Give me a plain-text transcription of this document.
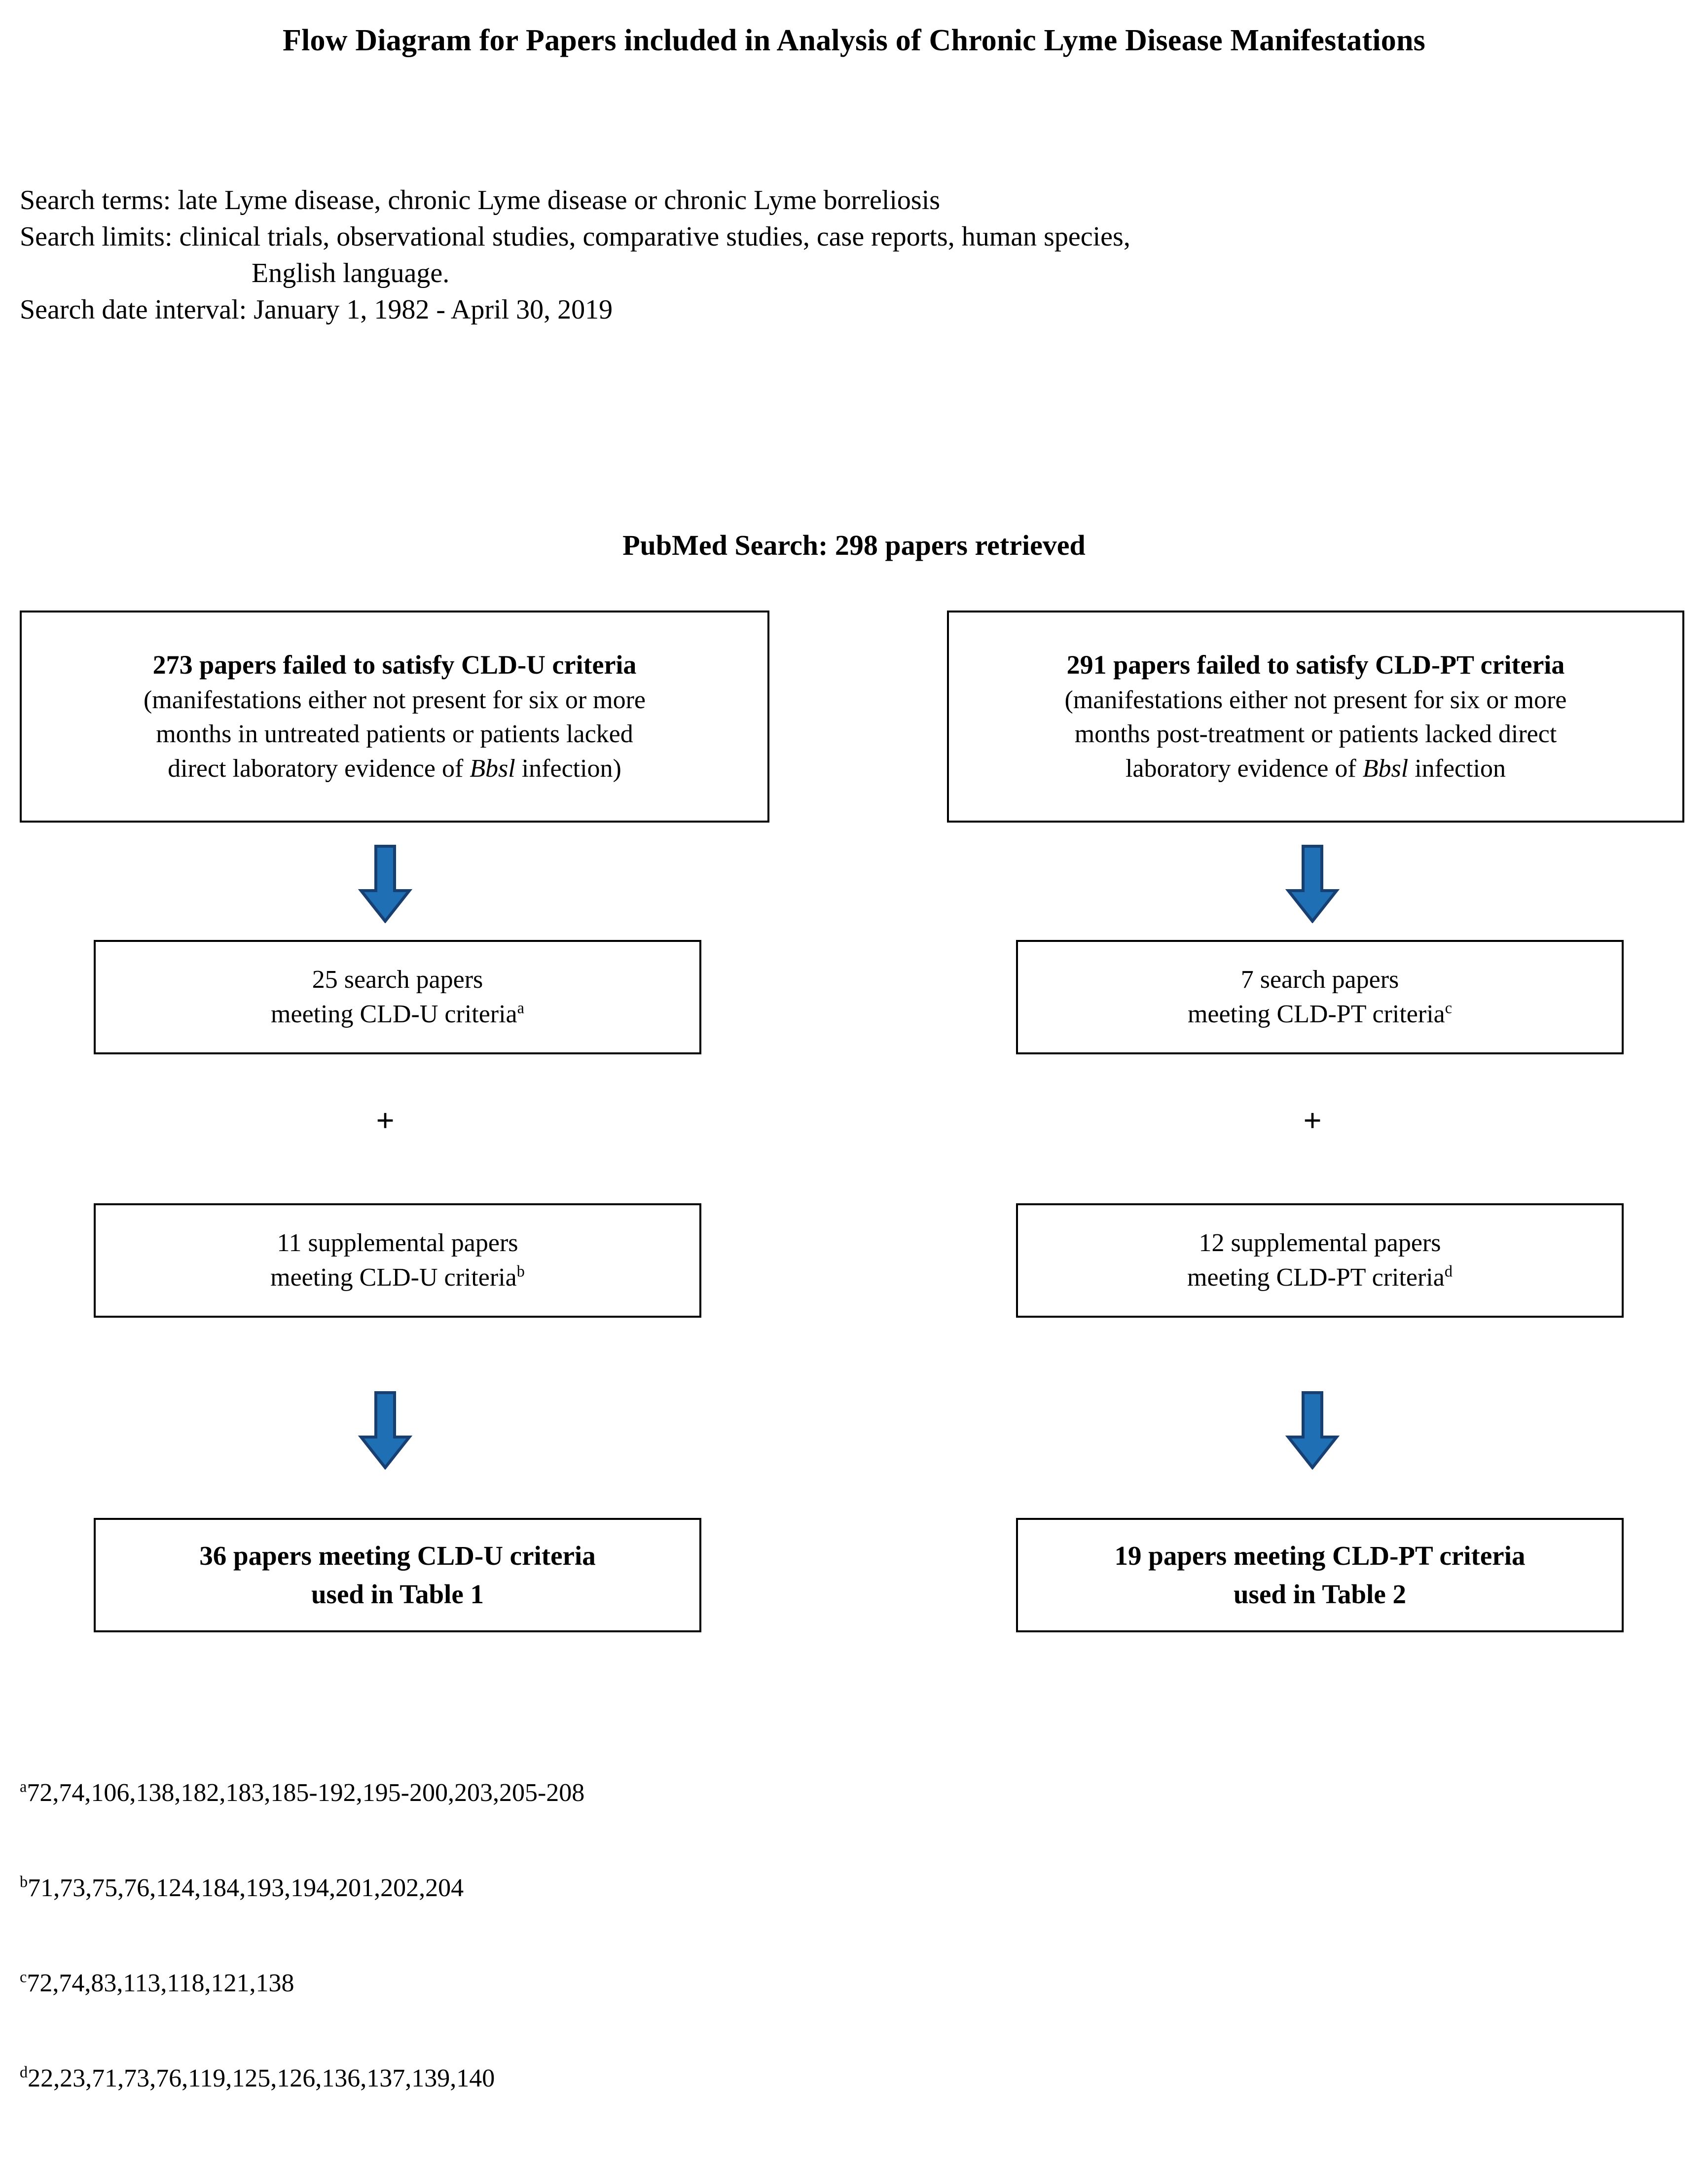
Flow Diagram for Papers included in Analysis of Chronic Lyme Disease Manifestations
Search terms: late Lyme disease, chronic Lyme disease or chronic Lyme borreliosis
Search limits: clinical trials, observational studies, comparative studies, case reports, human species,
English language.
Search date interval: January 1, 1982 - April 30, 2019
PubMed Search: 298 papers retrieved
273 papers failed to satisfy CLD-U criteria
(manifestations either not present for six or more
months in untreated patients or patients lacked
direct laboratory evidence of Bbsl infection)
291 papers failed to satisfy CLD-PT criteria
(manifestations either not present for six or more
months post-treatment or patients lacked direct
laboratory evidence of Bbsl infection
25 search papers
meeting CLD-U criteria$^a$
7 search papers
meeting CLD-PT criteria$^c$
+	+
11 supplemental papers
meeting CLD-U criteria$^b$
12 supplemental papers
meeting CLD-PT criteria$^d$
36 papers meeting CLD-U criteria
used in Table 1
19 papers meeting CLD-PT criteria
used in Table 2
$^a$72,74,106,138,182,183,185-192,195-200,203,205-208
$^b$71,73,75,76,124,184,193,194,201,202,204
$^c$72,74,83,113,118,121,138
$^d$22,23,71,73,76,119,125,126,136,137,139,140
